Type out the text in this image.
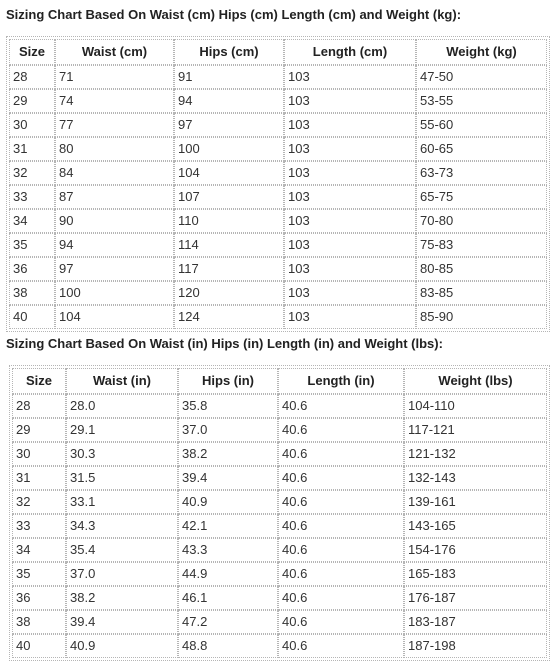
Sizing Chart Based On Waist (cm) Hips (cm) Length (cm) and Weight (kg):
Size	Waist (cm)	Hips (cm)	Length (cm)	Weight (kg)
28	71	91	103	47-50
29	74	94	103	53-55
30	77	97	103	55-60
31	80	100	103	60-65
32	84	104	103	63-73
33	87	107	103	65-75
34	90	110	103	70-80
35	94	114	103	75-83
36	97	117	103	80-85
38	100	120	103	83-85
40	104	124	103	85-90
Sizing Chart Based On Waist (in) Hips (in) Length (in) and Weight (lbs):
Size	Waist (in)	Hips (in)	Length (in)	Weight (lbs)
28	28.0	35.8	40.6	104-110
29	29.1	37.0	40.6	117-121
30	30.3	38.2	40.6	121-132
31	31.5	39.4	40.6	132-143
32	33.1	40.9	40.6	139-161
33	34.3	42.1	40.6	143-165
34	35.4	43.3	40.6	154-176
35	37.0	44.9	40.6	165-183
36	38.2	46.1	40.6	176-187
38	39.4	47.2	40.6	183-187
40	40.9	48.8	40.6	187-198
